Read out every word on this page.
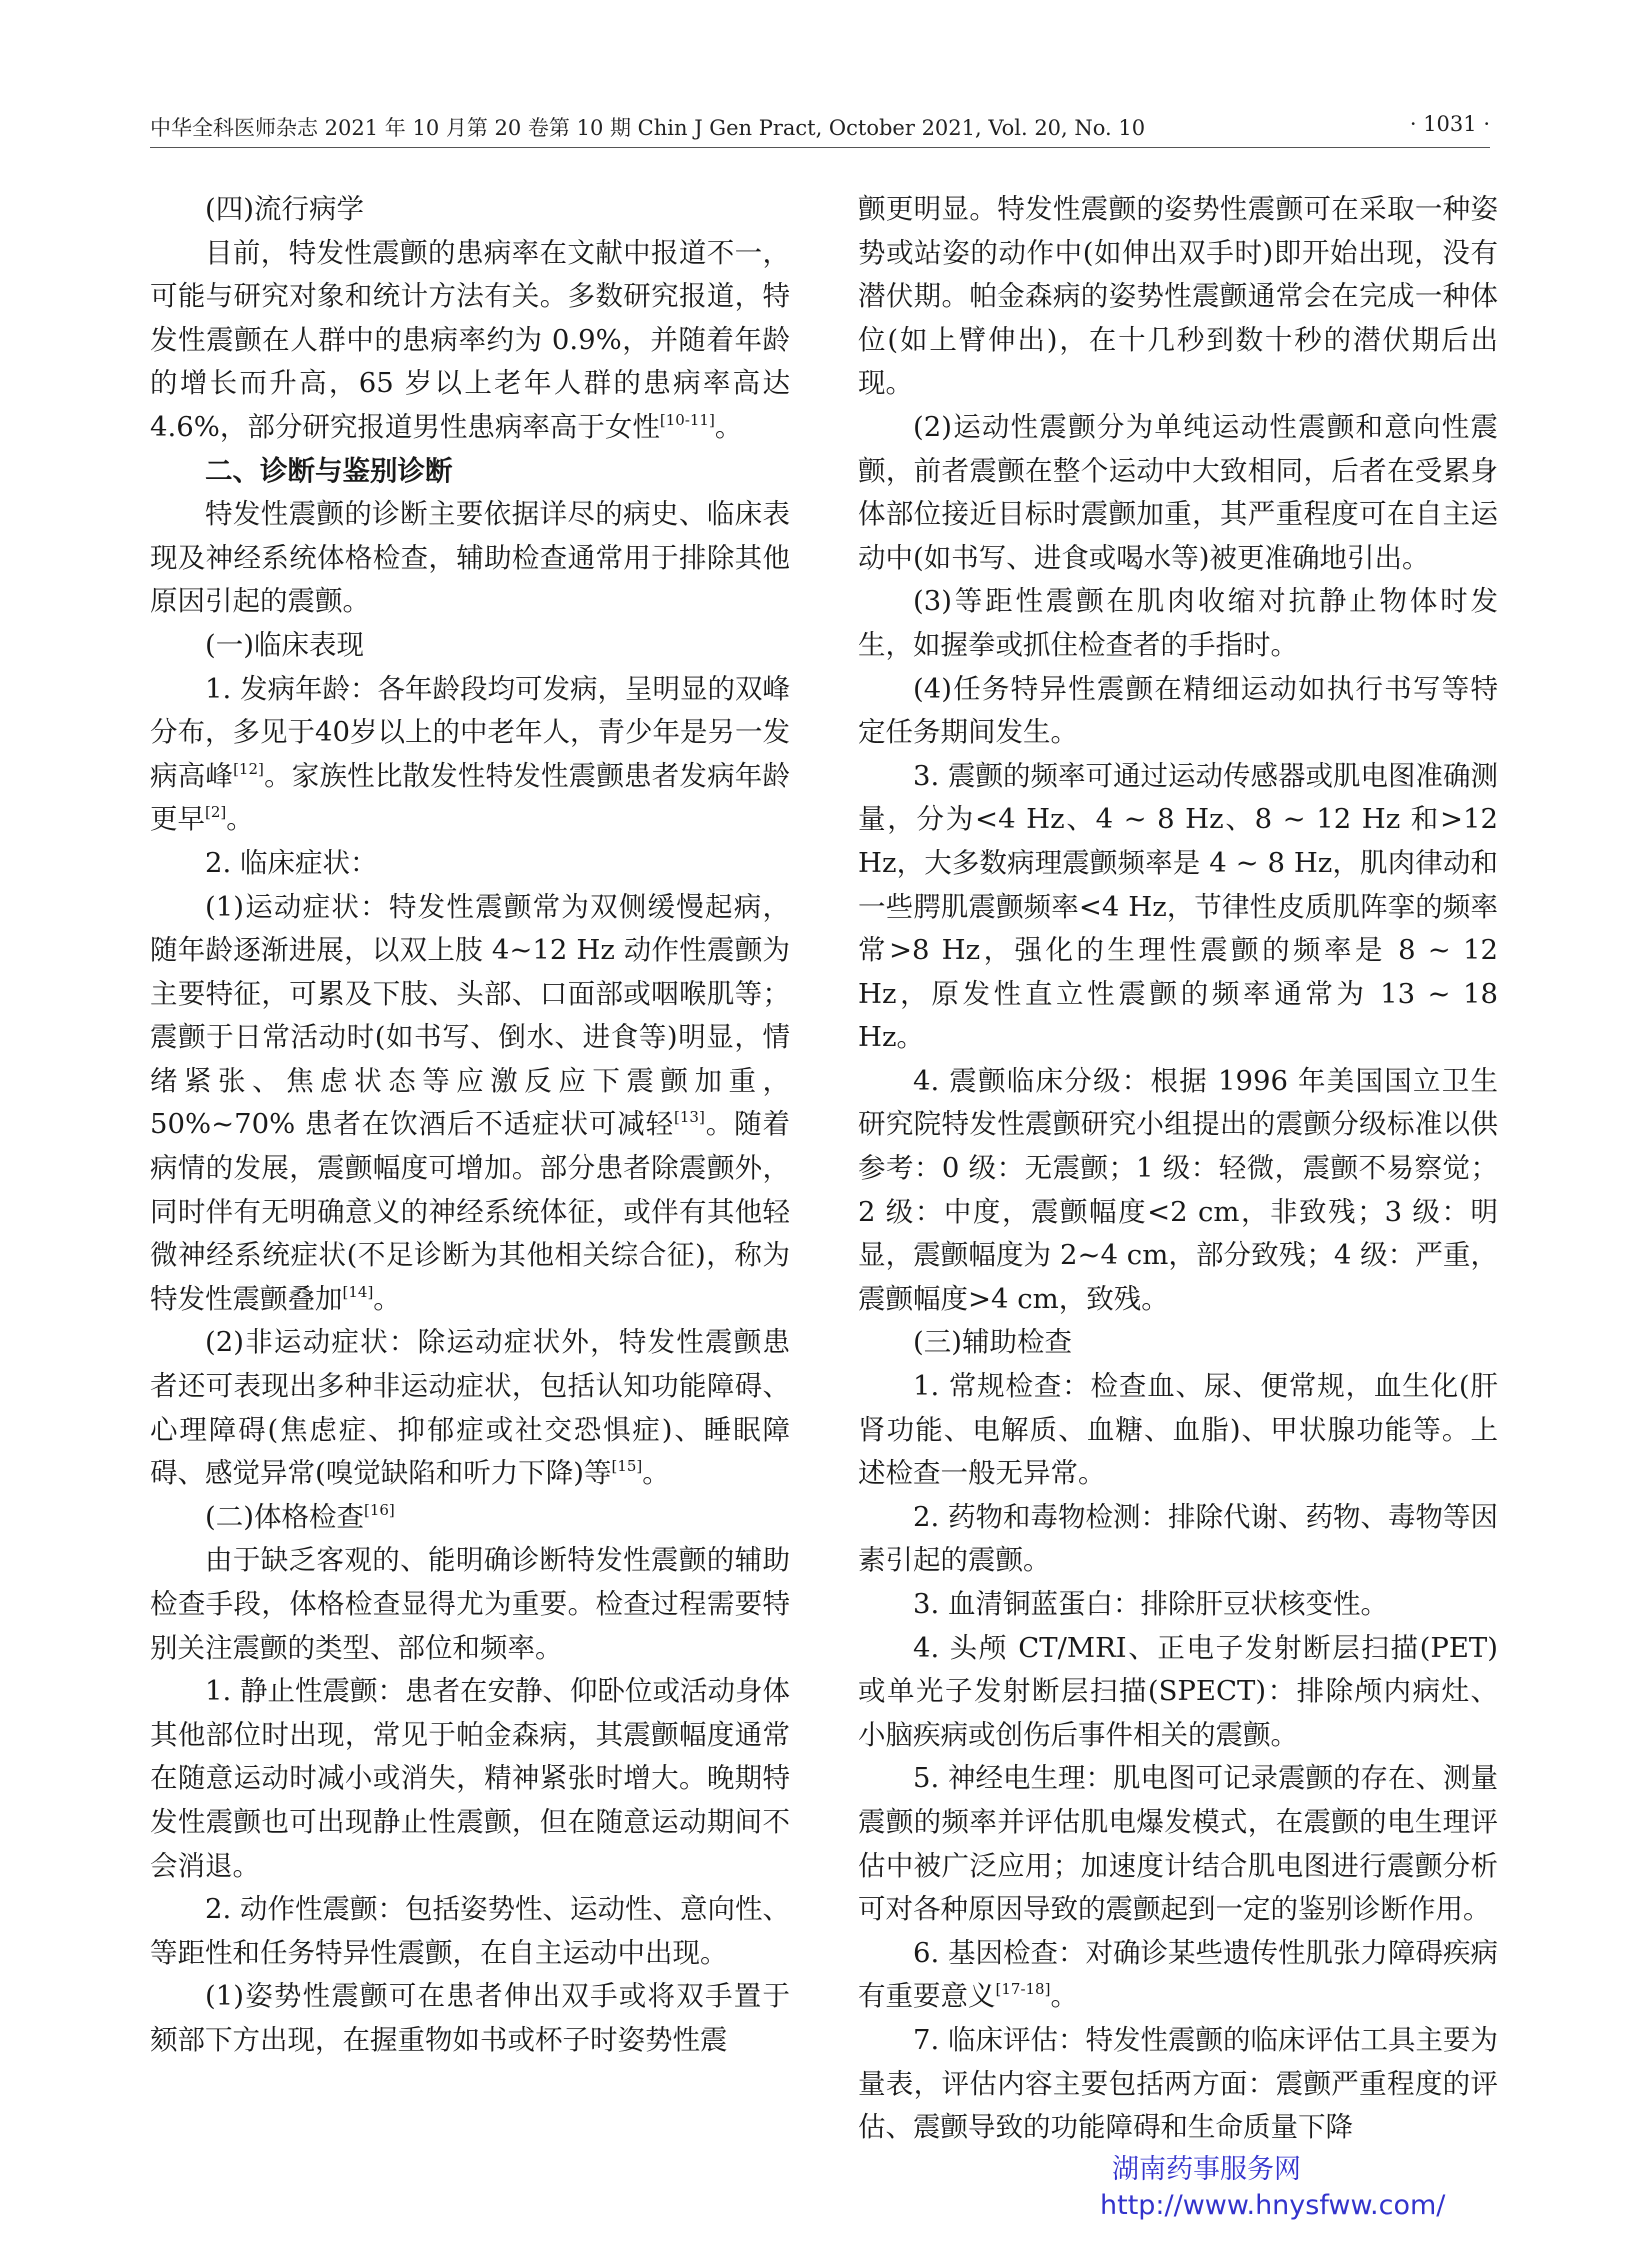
中华全科医师杂志 2021 年 10 月第 20 卷第 10 期 Chin J Gen Pract, October 2021, Vol. 20, No. 10	· 1031 ·

(四)流行病学

目前，特发性震颤的患病率在文献中报道不一，可能与研究对象和统计方法有关。多数研究报道，特发性震颤在人群中的患病率约为 0.9%，并随着年龄的增长而升高，65 岁以上老年人群的患病率高达 4.6%，部分研究报道男性患病率高于女性[10-11]。

二、诊断与鉴别诊断

特发性震颤的诊断主要依据详尽的病史、临床表现及神经系统体格检查，辅助检查通常用于排除其他原因引起的震颤。

(一)临床表现

1. 发病年龄：各年龄段均可发病，呈明显的双峰分布，多见于40岁以上的中老年人，青少年是另一发病高峰[12]。家族性比散发性特发性震颤患者发病年龄更早[2]。

2. 临床症状：

(1)运动症状：特发性震颤常为双侧缓慢起病，随年龄逐渐进展，以双上肢 4~12 Hz 动作性震颤为主要特征，可累及下肢、头部、口面部或咽喉肌等；震颤于日常活动时(如书写、倒水、进食等)明显，情绪紧张、焦虑状态等应激反应下震颤加重，50%~70% 患者在饮酒后不适症状可减轻[13]。随着病情的发展，震颤幅度可增加。部分患者除震颤外，同时伴有无明确意义的神经系统体征，或伴有其他轻微神经系统症状(不足诊断为其他相关综合征)，称为特发性震颤叠加[14]。

(2)非运动症状：除运动症状外，特发性震颤患者还可表现出多种非运动症状，包括认知功能障碍、心理障碍(焦虑症、抑郁症或社交恐惧症)、睡眠障碍、感觉异常(嗅觉缺陷和听力下降)等[15]。

(二)体格检查[16]

由于缺乏客观的、能明确诊断特发性震颤的辅助检查手段，体格检查显得尤为重要。检查过程需要特别关注震颤的类型、部位和频率。

1. 静止性震颤：患者在安静、仰卧位或活动身体其他部位时出现，常见于帕金森病，其震颤幅度通常在随意运动时减小或消失，精神紧张时增大。晚期特发性震颤也可出现静止性震颤，但在随意运动期间不会消退。

2. 动作性震颤：包括姿势性、运动性、意向性、等距性和任务特异性震颤，在自主运动中出现。

(1)姿势性震颤可在患者伸出双手或将双手置于颏部下方出现，在握重物如书或杯子时姿势性震

颤更明显。特发性震颤的姿势性震颤可在采取一种姿势或站姿的动作中(如伸出双手时)即开始出现，没有潜伏期。帕金森病的姿势性震颤通常会在完成一种体位(如上臂伸出)，在十几秒到数十秒的潜伏期后出现。

(2)运动性震颤分为单纯运动性震颤和意向性震颤，前者震颤在整个运动中大致相同，后者在受累身体部位接近目标时震颤加重，其严重程度可在自主运动中(如书写、进食或喝水等)被更准确地引出。

(3)等距性震颤在肌肉收缩对抗静止物体时发生，如握拳或抓住检查者的手指时。

(4)任务特异性震颤在精细运动如执行书写等特定任务期间发生。

3. 震颤的频率可通过运动传感器或肌电图准确测量，分为<4 Hz、4 ~ 8 Hz、8 ~ 12 Hz 和>12 Hz，大多数病理震颤频率是 4 ~ 8 Hz，肌肉律动和一些腭肌震颤频率<4 Hz，节律性皮质肌阵挛的频率常>8 Hz，强化的生理性震颤的频率是 8 ~ 12 Hz，原发性直立性震颤的频率通常为 13 ~ 18 Hz。

4. 震颤临床分级：根据 1996 年美国国立卫生研究院特发性震颤研究小组提出的震颤分级标准以供参考：0 级：无震颤；1 级：轻微，震颤不易察觉；2 级：中度，震颤幅度<2 cm，非致残；3 级：明显，震颤幅度为 2~4 cm，部分致残；4 级：严重，震颤幅度>4 cm，致残。

(三)辅助检查

1. 常规检查：检查血、尿、便常规，血生化(肝肾功能、电解质、血糖、血脂)、甲状腺功能等。上述检查一般无异常。

2. 药物和毒物检测：排除代谢、药物、毒物等因素引起的震颤。

3. 血清铜蓝蛋白：排除肝豆状核变性。

4. 头颅 CT/MRI、正电子发射断层扫描(PET)或单光子发射断层扫描(SPECT)：排除颅内病灶、小脑疾病或创伤后事件相关的震颤。

5. 神经电生理：肌电图可记录震颤的存在、测量震颤的频率并评估肌电爆发模式，在震颤的电生理评估中被广泛应用；加速度计结合肌电图进行震颤分析可对各种原因导致的震颤起到一定的鉴别诊断作用。

6. 基因检查：对确诊某些遗传性肌张力障碍疾病有重要意义[17-18]。

7. 临床评估：特发性震颤的临床评估工具主要为量表，评估内容主要包括两方面：震颤严重程度的评估、震颤导致的功能障碍和生命质量下降

湖南药事服务网
http://www.hnysfww.com/
